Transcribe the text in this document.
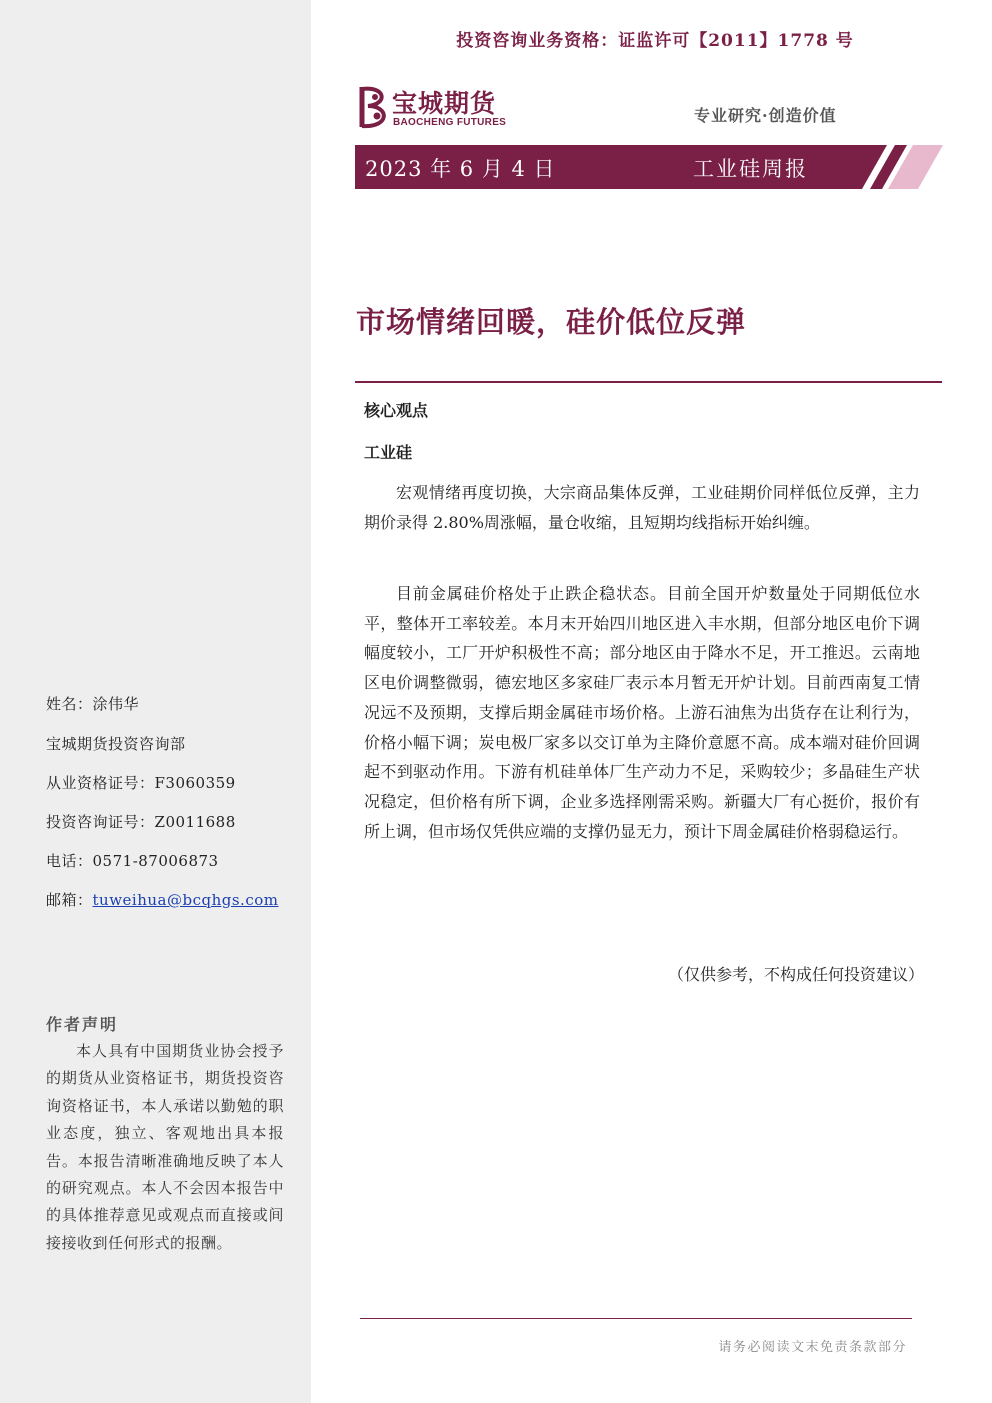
投资咨询业务资格：证监许可【2011】1778 号
宝城期货
BAOCHENG FUTURES	专业研究·创造价值
2023 年 6 月 4 日	工业硅周报
市场情绪回暖，硅价低位反弹
核心观点
工业硅
宏观情绪再度切换，大宗商品集体反弹，工业硅期价同样低位反弹，主力期价录得 2.80%周涨幅，量仓收缩，且短期均线指标开始纠缠。
目前金属硅价格处于止跌企稳状态。目前全国开炉数量处于同期低位水平，整体开工率较差。本月末开始四川地区进入丰水期，但部分地区电价下调幅度较小，工厂开炉积极性不高；部分地区由于降水不足，开工推迟。云南地区电价调整微弱，德宏地区多家硅厂表示本月暂无开炉计划。目前西南复工情况远不及预期，支撑后期金属硅市场价格。上游石油焦为出货存在让利行为，价格小幅下调；炭电极厂家多以交订单为主降价意愿不高。成本端对硅价回调起不到驱动作用。下游有机硅单体厂生产动力不足，采购较少；多晶硅生产状况稳定，但价格有所下调，企业多选择刚需采购。新疆大厂有心挺价，报价有所上调，但市场仅凭供应端的支撑仍显无力，预计下周金属硅价格弱稳运行。
（仅供参考，不构成任何投资建议）
姓名：涂伟华
宝城期货投资咨询部
从业资格证号：F3060359
投资咨询证号：Z0011688
电话：0571-87006873
邮箱：tuweihua@bcqhgs.com
作者声明
本人具有中国期货业协会授予的期货从业资格证书，期货投资咨询资格证书，本人承诺以勤勉的职业态度，独立、客观地出具本报告。本报告清晰准确地反映了本人的研究观点。本人不会因本报告中的具体推荐意见或观点而直接或间接接收到任何形式的报酬。
请务必阅读文末免责条款部分
